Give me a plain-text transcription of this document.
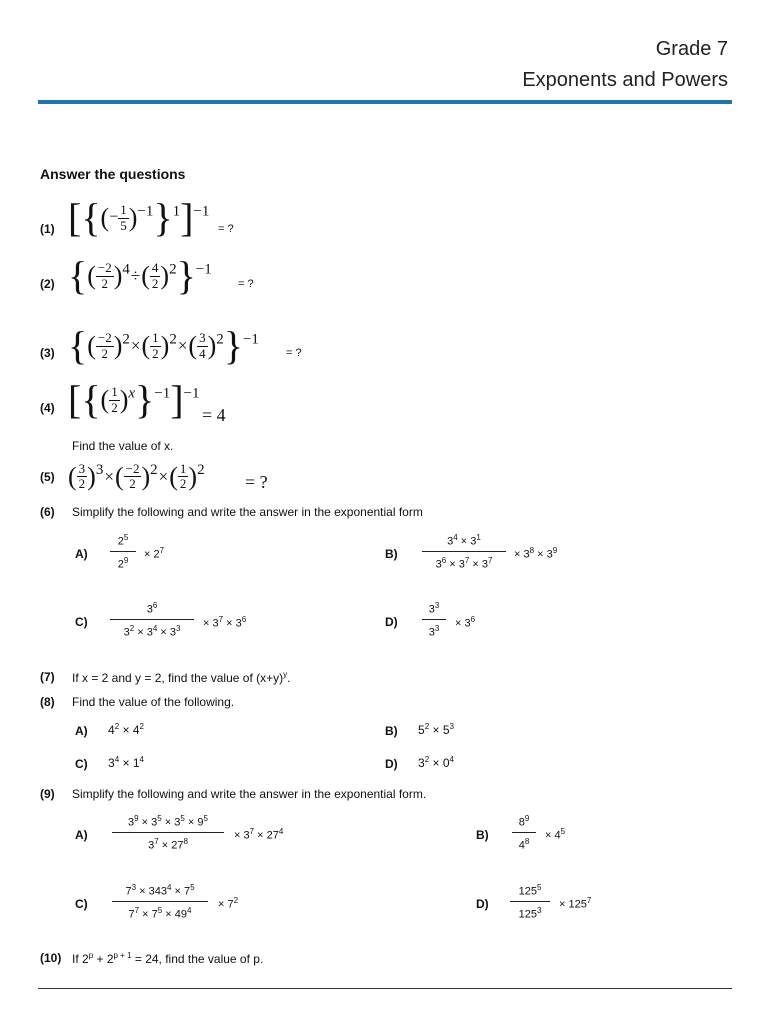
Grade 7
Exponents and Powers
Answer the questions
(1) [{(− $\frac{1}{5} )-1\}1]-1$
= ?
(2) {( $\frac{-2}{2} )4\div( \frac{4}{2} )2\}-1$
= ?
(3) {( $\frac{-2}{2} )2\times( \frac{1}{2} )2\times( \frac{3}{4} )2\}-1$
= ?
(4) [{( $\frac{1}{2} )x\}-1]-1$
= 4
Find the value of x.
(5) ( $\frac{3}{2} )3\times( \frac{-2}{2} )2\times( \frac{1}{2} )2$
= ?
(6) Simplify the following and write the answer in the exponential form
A)
$2^5$
$2^9$	× $2^7$	B)
$3^4 \times 3^1$
$3^6 \times 3^7 \times 3^7$	× $3^8 \times 3^9$
C)
$3^6$
$3^2 \times 3^4 \times 3^3$	× $3^7 \times 3^6$	D)
$3^3$
$3^3$	× $3^6$
(7) If x = 2 and y = 2, find the value of $(x+y)^y$.
(8) Find the value of the following.
A) $4^2 \times 4^2$	B) $5^2 \times 5^3$
C) $3^4 \times 1^4$	D) $3^2 \times 0^4$
(9) Simplify the following and write the answer in the exponential form.
A)
$3^9 \times 3^5 \times 3^5 \times 9^5$
$3^7 \times 27^8$	× $3^7 \times 27^4$	B)
$8^9$
$4^8$	× $4^5$
C)
$7^3 \times 343^4 \times 7^5$
$7^7 \times 7^5 \times 49^4$	× $7^2$	D)
$125^5$
$125^3$	× $125^7$
(10) If $2^p + 2^{p + 1} = 24$, find the value of p.
